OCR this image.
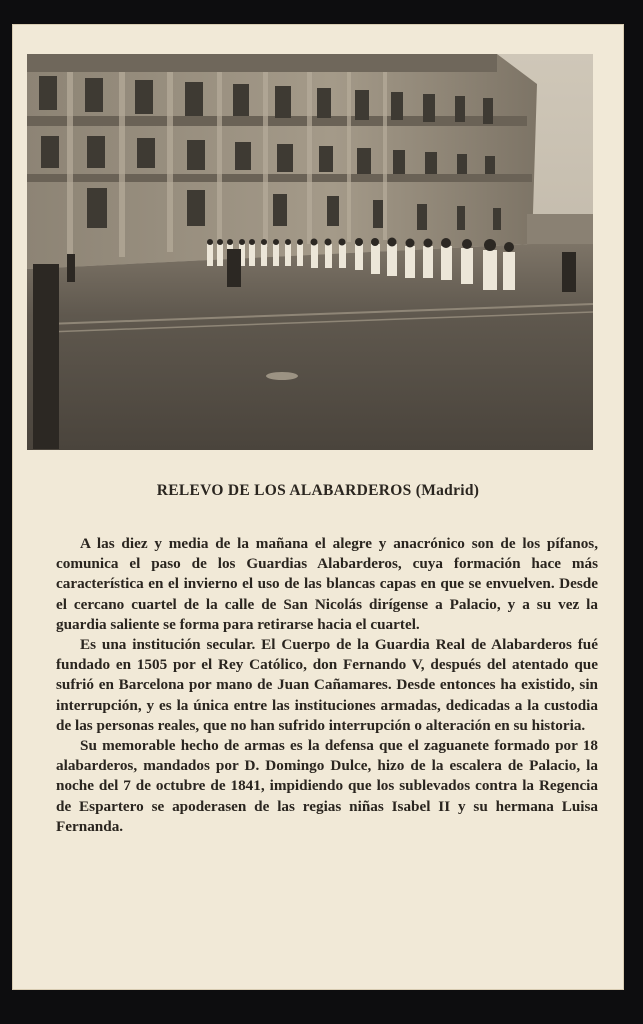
RELEVO DE LOS ALABARDEROS (Madrid)

A las diez y media de la mañana el alegre y anacrónico son de los pífanos, comunica el paso de los Guardias Alabarderos, cuya formación hace más característica en el invierno el uso de las blancas capas en que se envuelven. Desde el cercano cuartel de la calle de San Nicolás dirígense a Palacio, y a su vez la guardia saliente se forma para retirarse hacia el cuartel.

Es una institución secular. El Cuerpo de la Guardia Real de Alabarderos fué fundado en 1505 por el Rey Católico, don Fernando V, después del atentado que sufrió en Barcelona por mano de Juan Cañamares. Desde entonces ha existido, sin interrupción, y es la única entre las instituciones armadas, dedicadas a la custodia de las personas reales, que no han sufrido interrupción o alteración en su historia.

Su memorable hecho de armas es la defensa que el zaguanete formado por 18 alabarderos, mandados por D. Domingo Dulce, hizo de la escalera de Palacio, la noche del 7 de octubre de 1841, impidiendo que los sublevados contra la Regencia de Espartero se apoderasen de las regias niñas Isabel II y su hermana Luisa Fernanda.
